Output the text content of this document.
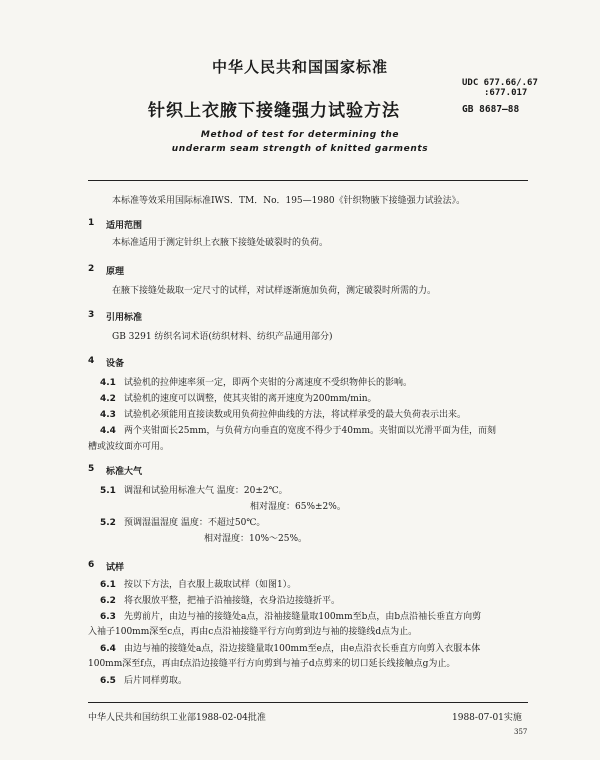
中华人民共和国国家标准
UDC 677.66/.67
:677.017
针织上衣腋下接缝强力试验方法	GB 8687—88
Method of test for determining the
underarm seam strength of knitted garments
本标准等效采用国际标准IWS．TM．No．195—1980《针织物腋下接缝强力试验法》。
1 适用范围
本标准适用于测定针织上衣腋下接缝处破裂时的负荷。
2 原理
在腋下接缝处裁取一定尺寸的试样，对试样逐渐施加负荷，测定破裂时所需的力。
3 引用标准
GB 3291 纺织名词术语(纺织材料、纺织产品通用部分)
4 设备
4.1 试验机的拉伸速率须一定，即两个夹钳的分离速度不受织物伸长的影响。
4.2 试验机的速度可以调整，使其夹钳的离开速度为200mm/min。
4.3 试验机必须能用直接读数或用负荷拉伸曲线的方法，将试样承受的最大负荷表示出来。
4.4 两个夹钳面长25mm，与负荷方向垂直的宽度不得少于40mm。夹钳面以光滑平面为佳，而刻
槽或波纹面亦可用。
5 标准大气
5.1 调湿和试验用标准大气 温度：20±2℃。
相对湿度：65%±2%。
5.2 预调湿温湿度 温度：不超过50℃。
相对湿度：10%～25%。
6 试样
6.1 按以下方法，自衣服上裁取试样（如图1）。
6.2 将衣服放平整，把袖子沿袖接缝，衣身沿边接缝折平。
6.3 先剪前片，由边与袖的接缝处a点，沿袖接缝量取100mm至b点，由b点沿袖长垂直方向剪
入袖子100mm深至c点，再由c点沿袖接缝平行方向剪到边与袖的接缝线d点为止。
6.4 由边与袖的接缝处a点，沿边接缝量取100mm至e点，由e点沿衣长垂直方向剪入衣服本体
100mm深至f点，再由f点沿边接缝平行方向剪到与袖子d点剪来的切口延长线接触点g为止。
6.5 后片同样剪取。
中华人民共和国纺织工业部1988-02-04批准	1988-07-01实施
357
